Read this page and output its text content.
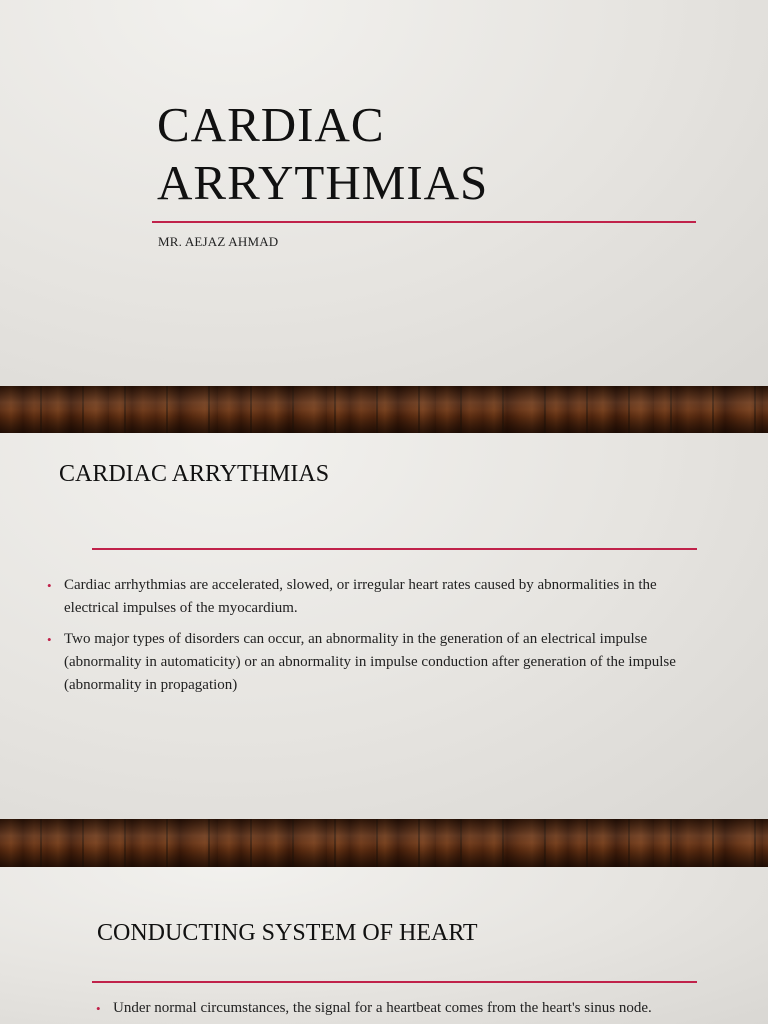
CARDIAC
ARRYTHMIAS

MR. AEJAZ AHMAD

CARDIAC ARRYTHMIAS
• Cardiac arrhythmias are accelerated, slowed, or irregular heart rates caused by abnormalities in the electrical impulses of the myocardium.
• Two major types of disorders can occur, an abnormality in the generation of an electrical impulse (abnormality in automaticity) or an abnormality in impulse conduction after generation of the impulse (abnormality in propagation)
CONDUCTING SYSTEM OF HEART
• Under normal circumstances, the signal for a heartbeat comes from the heart's sinus node.
